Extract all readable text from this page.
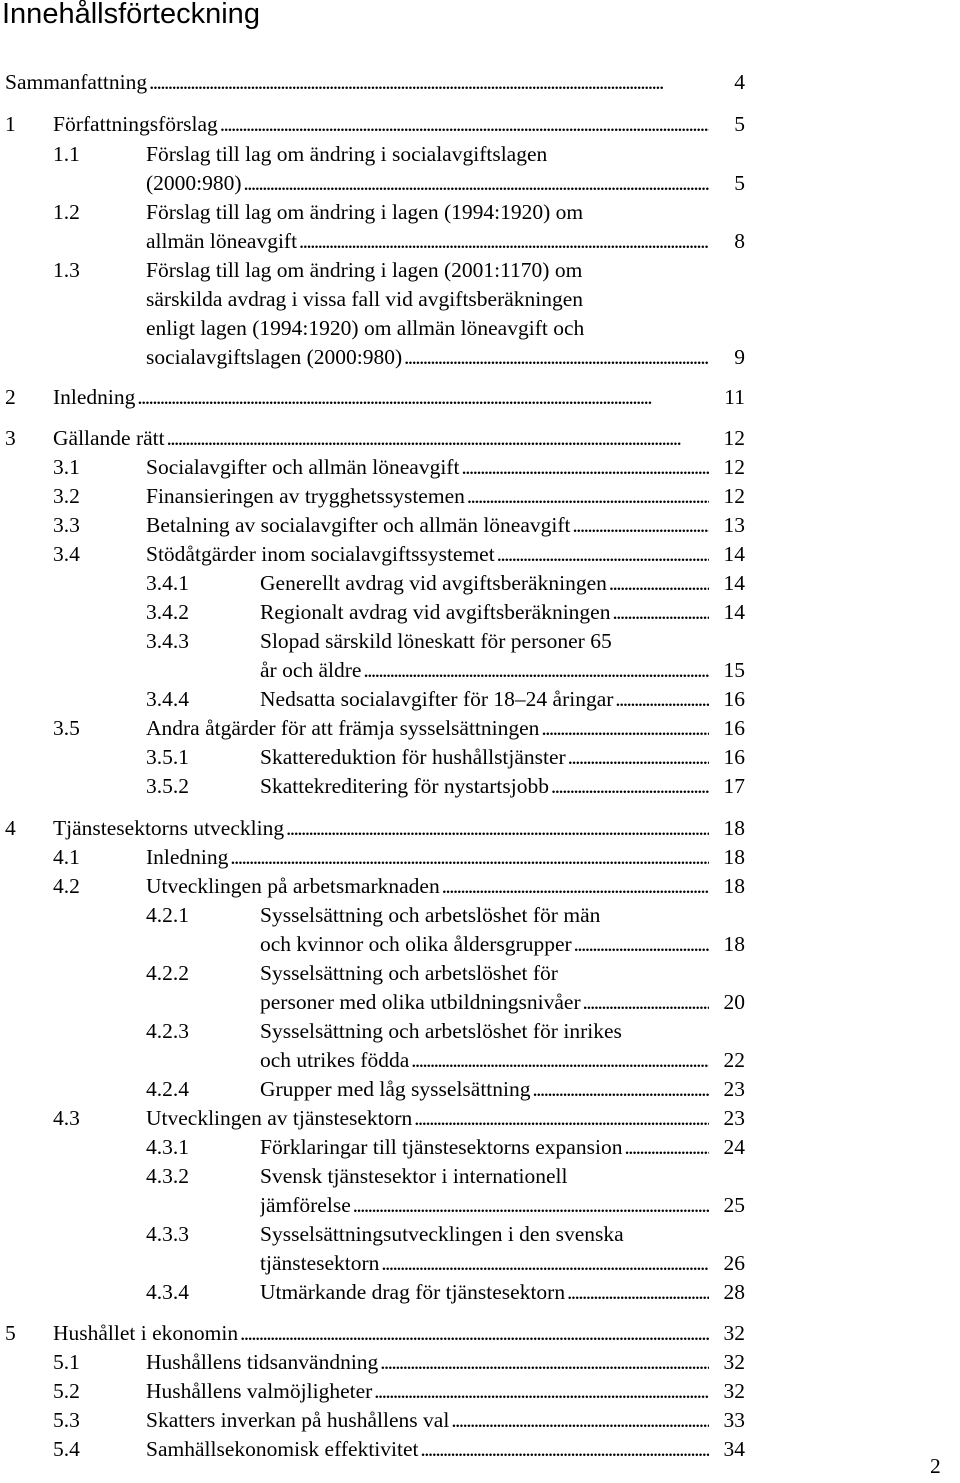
Innehållsförteckning
Sammanfattning . . .	4
1 Författningsförslag . . .	5
1.1	Förslag till lag om ändring i socialavgiftslagen
(2000:980) . . .	5
1.2	Förslag till lag om ändring i lagen (1994:1920) om
allmän löneavgift . . .	8
1.3	Förslag till lag om ändring i lagen (2001:1170) om
särskilda avdrag i vissa fall vid avgiftsberäkningen
enligt lagen (1994:1920) om allmän löneavgift och
socialavgiftslagen (2000:980) . . .	9
2 Inledning . . .	11
3 Gällande rätt . . .	12
3.1	Socialavgifter och allmän löneavgift . . .	12
3.2	Finansieringen av trygghetssystemen . . .	12
3.3	Betalning av socialavgifter och allmän löneavgift . . .	13
3.4	Stödåtgärder inom socialavgiftssystemet . . .	14
3.4.1	Generellt avdrag vid avgiftsberäkningen . . .	14
3.4.2	Regionalt avdrag vid avgiftsberäkningen . . .	14
3.4.3	Slopad särskild löneskatt för personer 65
år och äldre . . .	15
3.4.4	Nedsatta socialavgifter för 18–24 åringar . . .	16
3.5	Andra åtgärder för att främja sysselsättningen . . .	16
3.5.1	Skattereduktion för hushållstjänster . . .	16
3.5.2	Skattekreditering för nystartsjobb . . .	17
4 Tjänstesektorns utveckling . . .	18
4.1	Inledning . . .	18
4.2	Utvecklingen på arbetsmarknaden . . .	18
4.2.1	Sysselsättning och arbetslöshet för män
och kvinnor och olika åldersgrupper . . .	18
4.2.2	Sysselsättning och arbetslöshet för
personer med olika utbildningsnivåer . . .	20
4.2.3	Sysselsättning och arbetslöshet för inrikes
och utrikes födda . . .	22
4.2.4	Grupper med låg sysselsättning . . .	23
4.3	Utvecklingen av tjänstesektorn . . .	23
4.3.1	Förklaringar till tjänstesektorns expansion . . .	24
4.3.2	Svensk tjänstesektor i internationell
jämförelse . . .	25
4.3.3	Sysselsättningsutvecklingen i den svenska
tjänstesektorn . . .	26
4.3.4	Utmärkande drag för tjänstesektorn . . .	28
5 Hushållet i ekonomin . . .	32
5.1	Hushållens tidsanvändning . . .	32
5.2	Hushållens valmöjligheter . . .	32
5.3	Skatters inverkan på hushållens val . . .	33
5.4	Samhällsekonomisk effektivitet . . .	34
2
